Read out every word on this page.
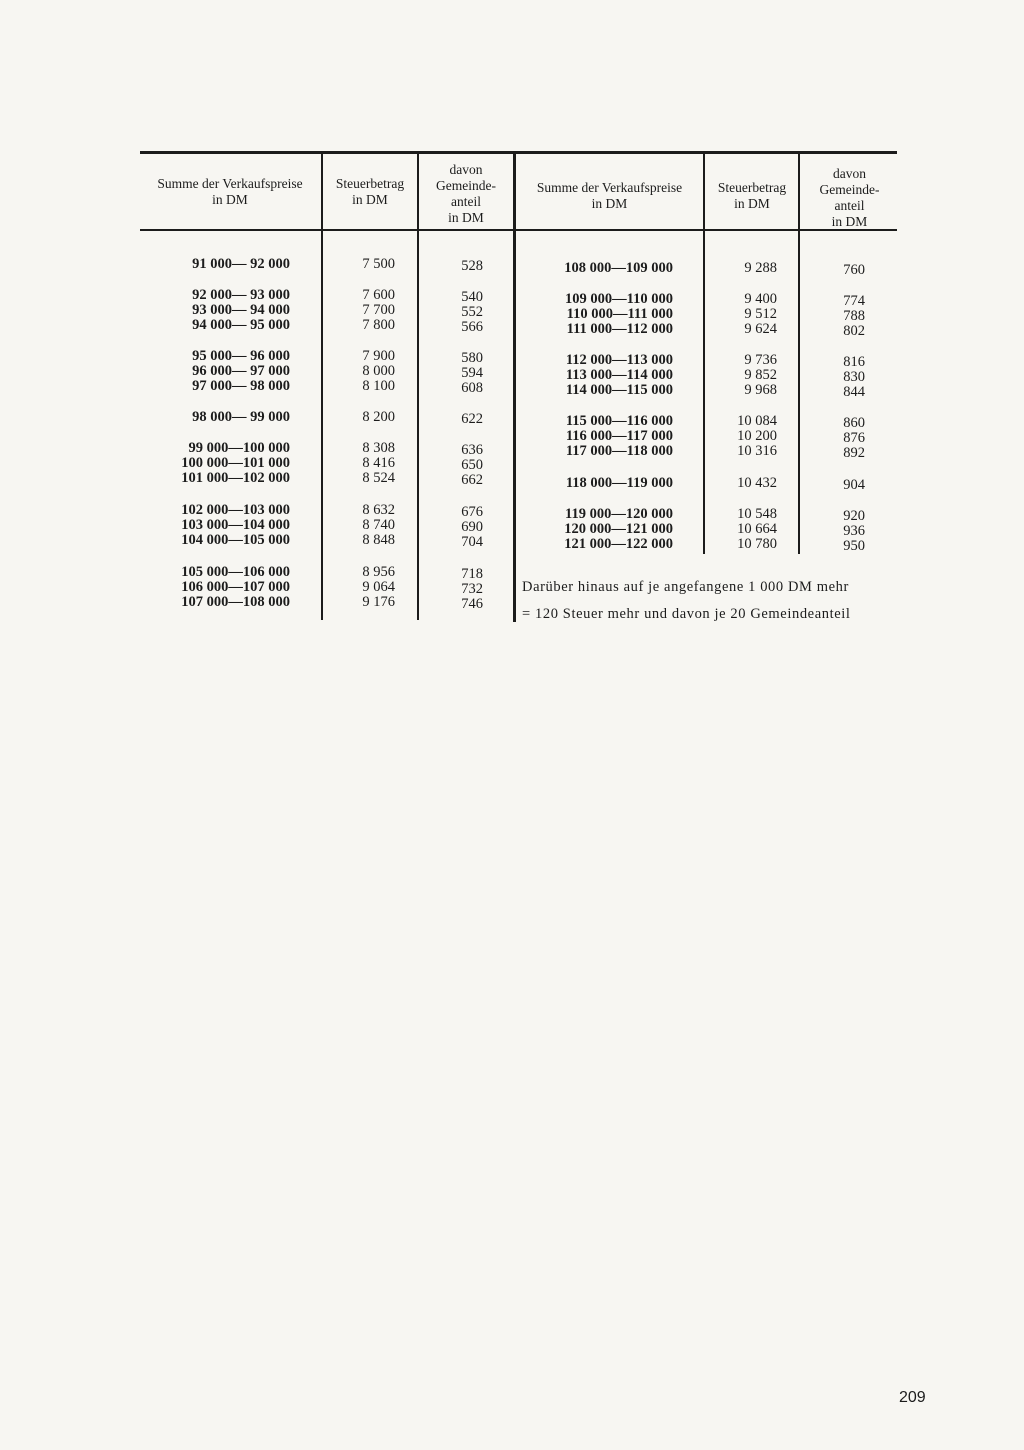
Summe der Verkaufspreise
in DM
Steuerbetrag
in DM
davon
Gemeinde-
anteil
in DM
Summe der Verkaufspreise
in DM
Steuerbetrag
in DM
davon
Gemeinde-
anteil
in DM
91 000— 92 000	7 500	528
92 000— 93 000	7 600	540
93 000— 94 000	7 700	552
94 000— 95 000	7 800	566
95 000— 96 000	7 900	580
96 000— 97 000	8 000	594
97 000— 98 000	8 100	608
98 000— 99 000	8 200	622
99 000—100 000	8 308	636
100 000—101 000	8 416	650
101 000—102 000	8 524	662
102 000—103 000	8 632	676
103 000—104 000	8 740	690
104 000—105 000	8 848	704
105 000—106 000	8 956	718
106 000—107 000	9 064	732
107 000—108 000	9 176	746
108 000—109 000	9 288	760
109 000—110 000	9 400	774
110 000—111 000	9 512	788
111 000—112 000	9 624	802
112 000—113 000	9 736	816
113 000—114 000	9 852	830
114 000—115 000	9 968	844
115 000—116 000	10 084	860
116 000—117 000	10 200	876
117 000—118 000	10 316	892
118 000—119 000	10 432	904
119 000—120 000	10 548	920
120 000—121 000	10 664	936
121 000—122 000	10 780	950
Darüber hinaus auf je angefangene 1 000 DM mehr
= 120 Steuer mehr und davon je 20 Gemeindeanteil
209
